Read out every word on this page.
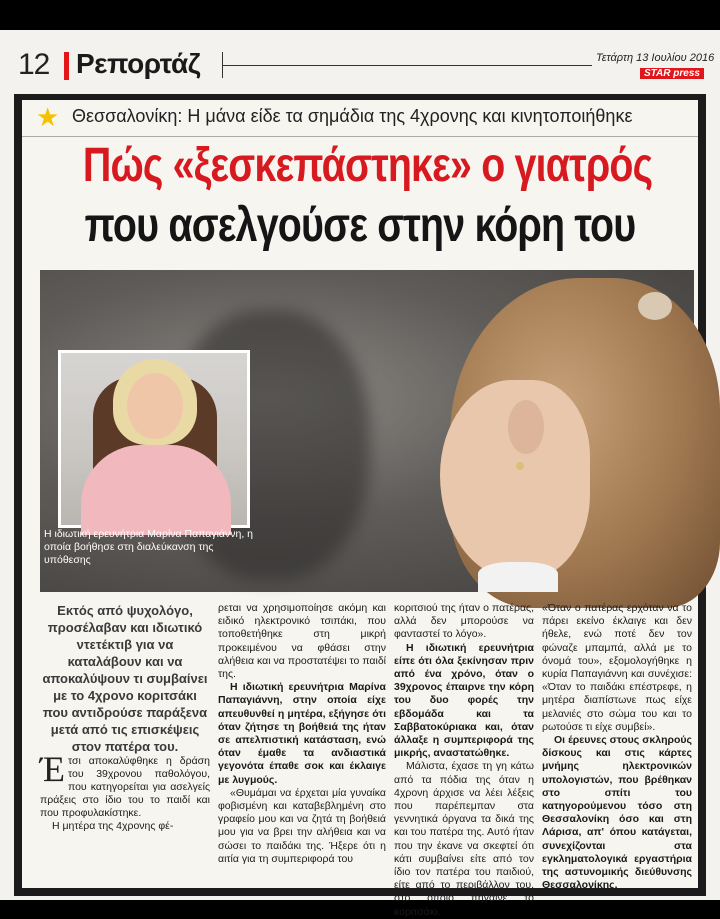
12 Ρεπορτάζ	Τετάρτη 13 Ιουλίου 2016
STAR press
★ Θεσσαλονίκη: Η μάνα είδε τα σημάδια της 4χρονης και κινητοποιήθηκε
Πώς «ξεσκεπάστηκε» ο γιατρός
που ασελγούσε στην κόρη του
Η ιδιωτική ερευνήτρια Μαρίνα Παπαγιάννη, η οποία βοήθησε στη διαλεύκανση της υπόθεσης

Εκτός από ψυχολόγο, προσέλαβαν και ιδιωτικό ντετέκτιβ για να καταλάβουν και να αποκαλύψουν τι συμβαίνει με το 4χρονο κοριτσάκι που αντιδρούσε παράξενα μετά από τις επισκέψεις στον πατέρα του.

Έ τσι αποκαλύφθηκε η δράση του 39χρονου παθολόγου, που κατηγορείται για ασελγείς πράξεις στο ίδιο του το παιδί και που προφυλακίστηκε.

Η μητέρα της 4χρονης φέ-

ρεται να χρησιμοποίησε ακόμη και ειδικό ηλεκτρονικό τσιπάκι, που τοποθετήθηκε στη μικρή προκειμένου να φθάσει στην αλήθεια και να προστατέψει το παιδί της.

Η ιδιωτική ερευνήτρια Μαρίνα Παπαγιάννη, στην οποία είχε απευθυνθεί η μητέρα, εξήγησε ότι όταν ζήτησε τη βοήθειά της ήταν σε απελπιστική κατάσταση, ενώ όταν έμαθε τα ανδιαστικά γεγονότα έπαθε σοκ και έκλαιγε με λυγμούς.

«Θυμάμαι να έρχεται μία γυναίκα φοβισμένη και καταβεβλημένη στο γραφείο μου και να ζητά τη βοήθειά μου για να βρει την αλήθεια και να σώσει το παιδάκι της. Ήξερε ότι η αιτία για τη συμπεριφορά του

κοριτσιού της ήταν ο πατέρας, αλλά δεν μπορούσε να φανταστεί το λόγο».

Η ιδιωτική ερευνήτρια είπε ότι όλα ξεκίνησαν πριν από ένα χρόνο, όταν ο 39χρονος έπαιρνε την κόρη του δυο φορές την εβδομάδα και τα Σαββατοκύριακα και, όταν άλλαξε η συμπεριφορά της μικρής, αναστατώθηκε.

Μάλιστα, έχασε τη γη κάτω από τα πόδια της όταν η 4χρονη άρχισε να λέει λέξεις που παρέπεμπαν στα γεννητικά όργανα τα δικά της και του πατέρα της. Αυτό ήταν που την έκανε να σκεφτεί ότι κάτι συμβαίνει είτε από τον ίδιο τον πατέρα του παιδιού, είτε από το περιβάλλον του, στο οποίο πήγαινε το κοριτσάκι.

«Όταν ο πατέρας ερχόταν να το πάρει εκείνο έκλαιγε και δεν ήθελε, ενώ ποτέ δεν τον φώναζε μπαμπά, αλλά με το όνομά του», εξομολογήθηκε η κυρία Παπαγιάννη και συνέχισε: «Όταν το παιδάκι επέστρεφε, η μητέρα διαπίστωνε πως είχε μελανιές στο σώμα του και το ρωτούσε τι είχε συμβεί».

Οι έρευνες στους σκληρούς δίσκους και στις κάρτες μνήμης ηλεκτρονικών υπολογιστών, που βρέθηκαν στο σπίτι του κατηγορούμενου τόσο στη Θεσσαλονίκη όσο και στη Λάρισα, απ' όπου κατάγεται, συνεχίζονται στα εγκληματολογικά εργαστήρια της αστυνομικής διεύθυνσης Θεσσαλονίκης.
